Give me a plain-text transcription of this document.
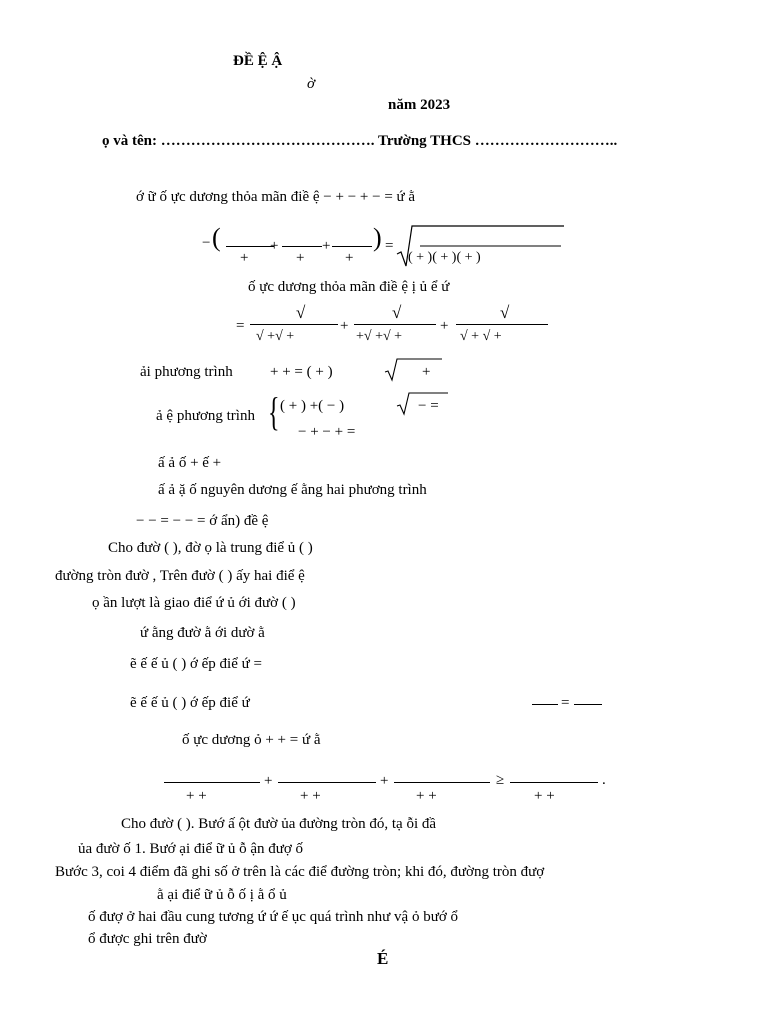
ĐỀ Ệ Ậ
ờ
năm 2023
ọ và tên: ……………………………………. Trường THCS ………………………..
ớ ữ ố ực dương thỏa mãn điề ệ − + − + − = ứ ằ
− (	+	+
+	+	+
) =
( + )( + )( + )
ố ực dương thỏa mãn điề ệ ị ủ ể ứ
=
√	√	√
+	+
√ +√ +	+√ +√ +	√ + √ +
ải phương trình + + = ( + )	+
ả ệ phương trình { ( + ) +( − )	− =
− + − + =
ấ ả ố + ế +
ấ ả ặ ố nguyên dương ế ằng hai phương trình
− − = − − = ớ ẩn) đề ệ
Cho đườ ( ), đờ ọ là trung điể ủ ( )
đường tròn đườ , Trên đườ ( ) ấy hai điể ệ
ọ ần lượt là giao điể ứ ủ ới đườ ( )
ứ ằng đườ ằ ới dườ ằ
ẽ ế ế ủ ( ) ớ ếp điể ứ =
ẽ ế ế ủ ( ) ớ ếp điể ứ	=
ố ực dương ỏ + + = ứ ằ
+	+	≥	.
+ +	+ +	+ +	+ +
Cho đườ ( ). Bướ ấ ột đườ ủa đường tròn đó, tạ ỗi đầ
ủa đườ ố 1. Bướ ại điể ữ ủ ỗ ận đượ ố
Bước 3, coi 4 điểm đã ghi số ở trên là các điể đường tròn; khi đó, đường tròn đượ
ằ ại điể ữ ủ ỗ ố ị ằ ổ ủ
ố đượ ở hai đầu cung tương ứ ứ ế ục quá trình như vậ ỏ bướ ổ
ổ được ghi trên đườ
É
